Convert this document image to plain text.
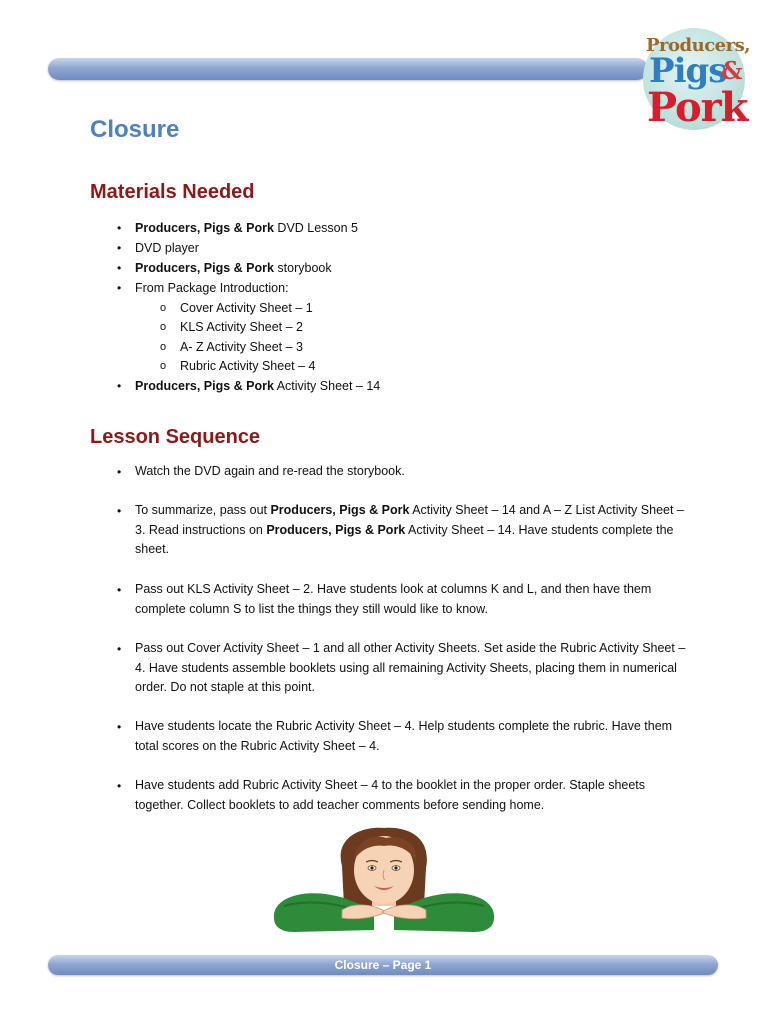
Producers,
Pigs
&
Pork
Closure
Materials Needed
• Producers, Pigs & Pork DVD Lesson 5
• DVD player
• Producers, Pigs & Pork storybook
• From Package Introduction:
o Cover Activity Sheet – 1
o KLS Activity Sheet – 2
o A- Z Activity Sheet – 3
o Rubric Activity Sheet – 4
• Producers, Pigs & Pork Activity Sheet – 14
Lesson Sequence
• Watch the DVD again and re-read the storybook.

• To summarize, pass out Producers, Pigs & Pork Activity Sheet – 14 and A – Z List Activity Sheet – 3. Read instructions on Producers, Pigs & Pork Activity Sheet – 14. Have students complete the sheet.

• Pass out KLS Activity Sheet – 2. Have students look at columns K and L, and then have them complete column S to list the things they still would like to know.

• Pass out Cover Activity Sheet – 1 and all other Activity Sheets. Set aside the Rubric Activity Sheet – 4. Have students assemble booklets using all remaining Activity Sheets, placing them in numerical order. Do not staple at this point.

• Have students locate the Rubric Activity Sheet – 4. Help students complete the rubric. Have them total scores on the Rubric Activity Sheet – 4.

• Have students add Rubric Activity Sheet – 4 to the booklet in the proper order. Staple sheets together. Collect booklets to add teacher comments before sending home.

Closure – Page 1
